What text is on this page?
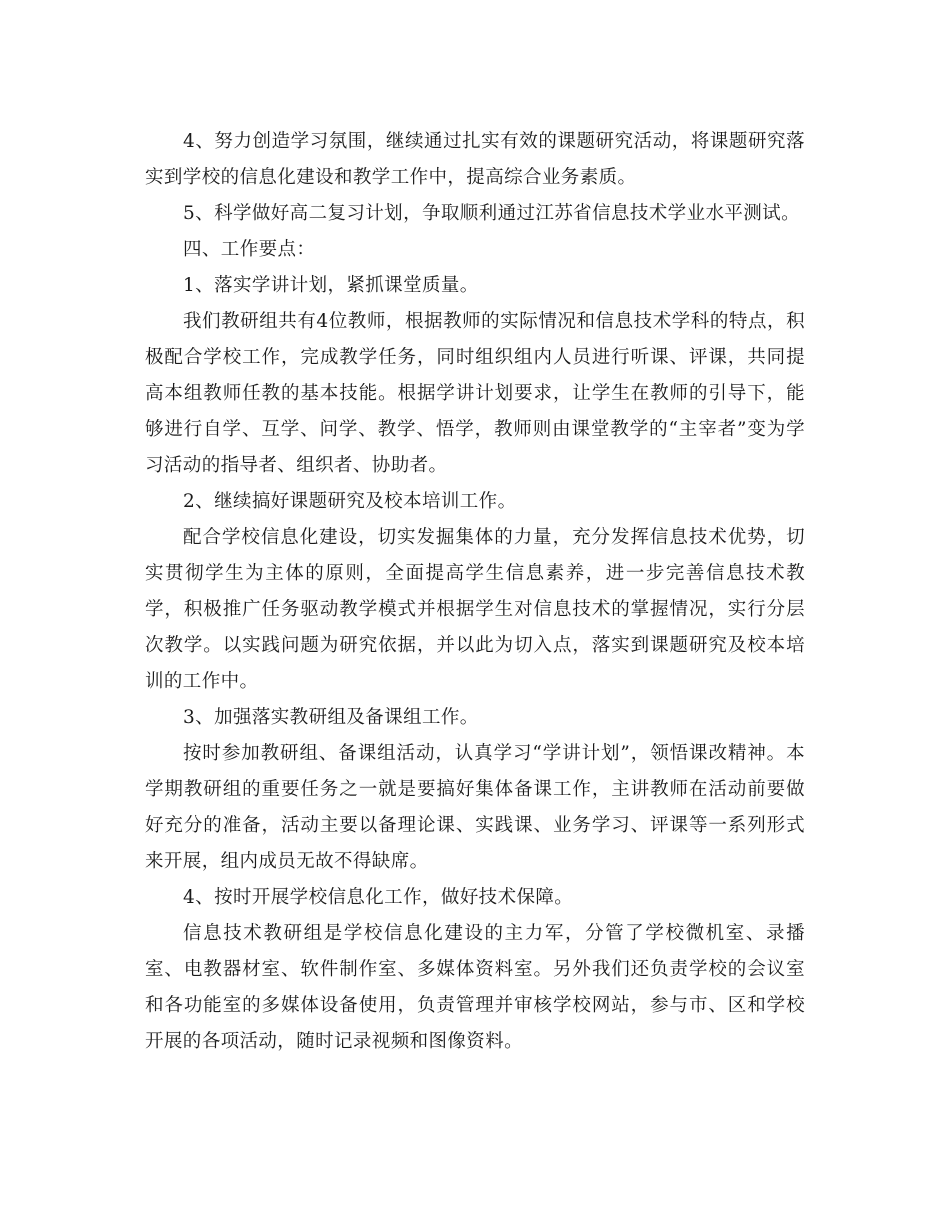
4、努力创造学习氛围，继续通过扎实有效的课题研究活动，将课题研究落实到学校的信息化建设和教学工作中，提高综合业务素质。

5、科学做好高二复习计划，争取顺利通过江苏省信息技术学业水平测试。

四、工作要点：

1、落实学讲计划，紧抓课堂质量。

我们教研组共有4位教师，根据教师的实际情况和信息技术学科的特点，积极配合学校工作，完成教学任务，同时组织组内人员进行听课、评课，共同提高本组教师任教的基本技能。根据学讲计划要求，让学生在教师的引导下，能够进行自学、互学、问学、教学、悟学，教师则由课堂教学的“主宰者”变为学习活动的指导者、组织者、协助者。

2、继续搞好课题研究及校本培训工作。

配合学校信息化建设，切实发掘集体的力量，充分发挥信息技术优势，切实贯彻学生为主体的原则，全面提高学生信息素养，进一步完善信息技术教学，积极推广任务驱动教学模式并根据学生对信息技术的掌握情况，实行分层次教学。以实践问题为研究依据，并以此为切入点，落实到课题研究及校本培训的工作中。

3、加强落实教研组及备课组工作。

按时参加教研组、备课组活动，认真学习“学讲计划”，领悟课改精神。本学期教研组的重要任务之一就是要搞好集体备课工作，主讲教师在活动前要做好充分的准备，活动主要以备理论课、实践课、业务学习、评课等一系列形式来开展，组内成员无故不得缺席。

4、按时开展学校信息化工作，做好技术保障。

信息技术教研组是学校信息化建设的主力军，分管了学校微机室、录播室、电教器材室、软件制作室、多媒体资料室。另外我们还负责学校的会议室和各功能室的多媒体设备使用，负责管理并审核学校网站，参与市、区和学校开展的各项活动，随时记录视频和图像资料。
